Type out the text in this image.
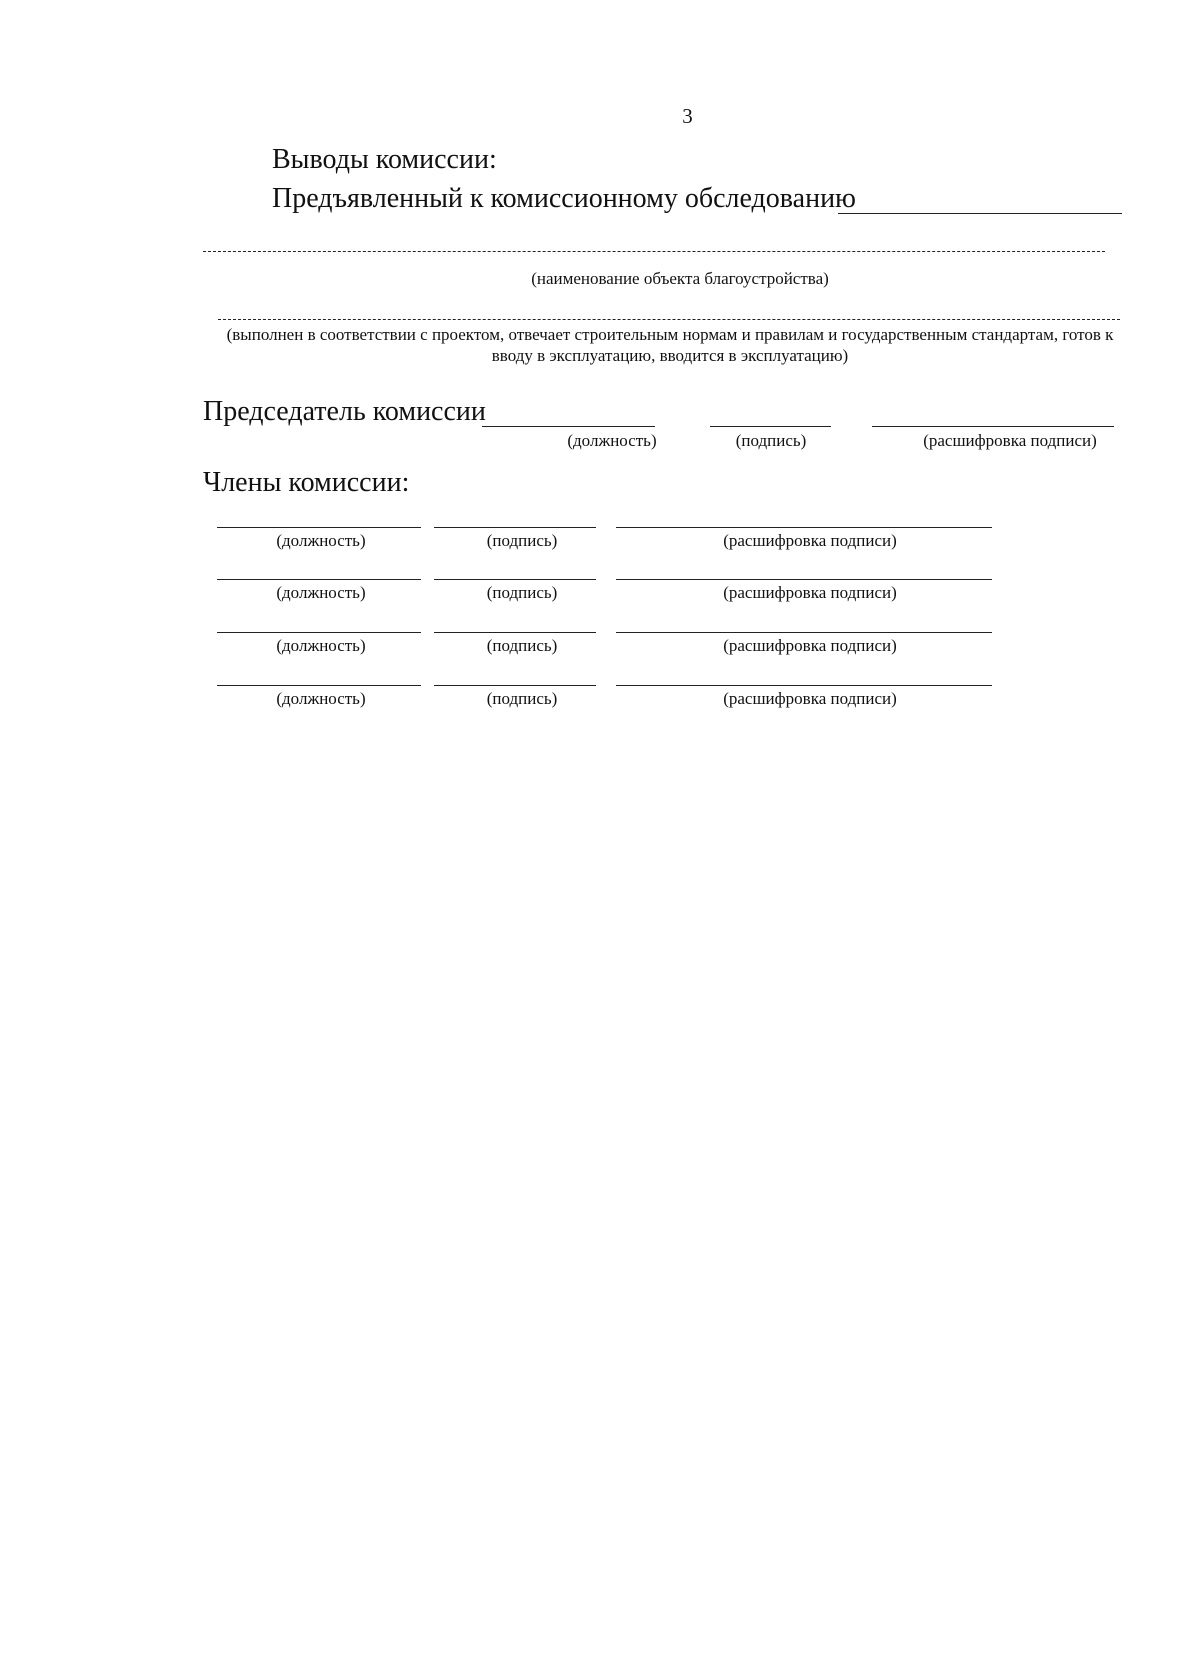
3
Выводы комиссии:
Предъявленный к комиссионному обследованию
(наименование объекта благоустройства)
(выполнен в соответствии с проектом, отвечает строительным нормам и правилам и государственным стандартам, готов к вводу в эксплуатацию, вводится в эксплуатацию)
Председатель комиссии
(должность)	(подпись)	(расшифровка подписи)
Члены комиссии:
(должность)	(подпись)	(расшифровка подписи)
(должность)	(подпись)	(расшифровка подписи)
(должность)	(подпись)	(расшифровка подписи)
(должность)	(подпись)	(расшифровка подписи)
